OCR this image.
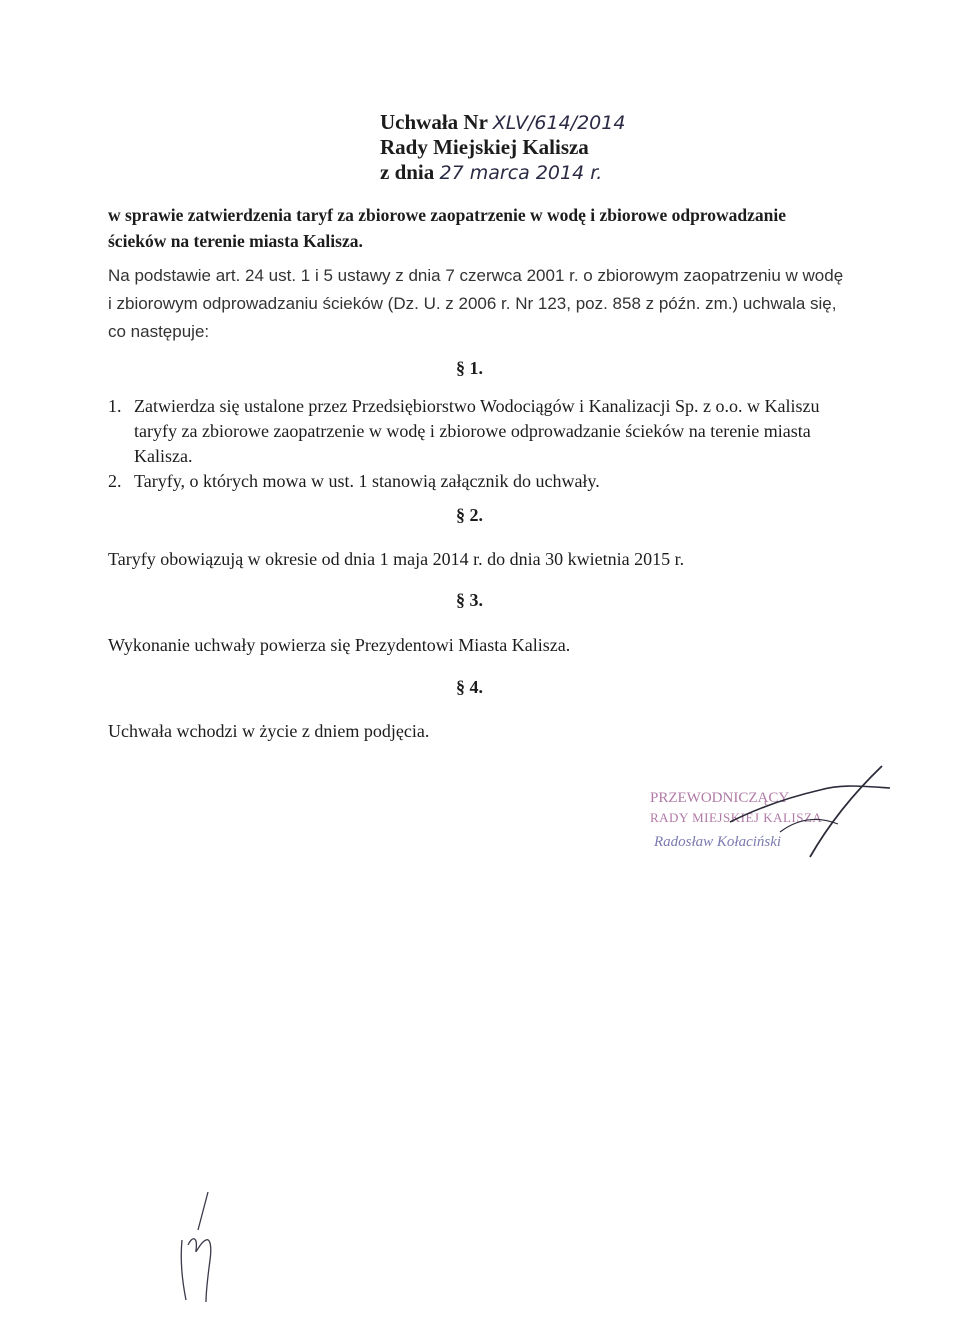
Uchwała Nr XLV/614/2014
Rady Miejskiej Kalisza
z dnia 27 marca 2014 r.
w sprawie zatwierdzenia taryf za zbiorowe zaopatrzenie w wodę i zbiorowe odprowadzanie
ścieków na terenie miasta Kalisza.
Na podstawie art. 24 ust. 1 i 5 ustawy z dnia 7 czerwca 2001 r. o zbiorowym zaopatrzeniu w wodę
i zbiorowym odprowadzaniu ścieków (Dz. U. z 2006 r. Nr 123, poz. 858 z późn. zm.) uchwala się,
co następuje:
§ 1.
1. Zatwierdza się ustalone przez Przedsiębiorstwo Wodociągów i Kanalizacji Sp. z o.o. w Kaliszu
taryfy za zbiorowe zaopatrzenie w wodę i zbiorowe odprowadzanie ścieków na terenie miasta
Kalisza.
2. Taryfy, o których mowa w ust. 1 stanowią załącznik do uchwały.
§ 2.
Taryfy obowiązują w okresie od dnia 1 maja 2014 r. do dnia 30 kwietnia 2015 r.
§ 3.
Wykonanie uchwały powierza się Prezydentowi Miasta Kalisza.
§ 4.
Uchwała wchodzi w życie z dniem podjęcia.
PRZEWODNICZĄCY
RADY MIEJSKIEJ KALISZA
Radosław Kołaciński
